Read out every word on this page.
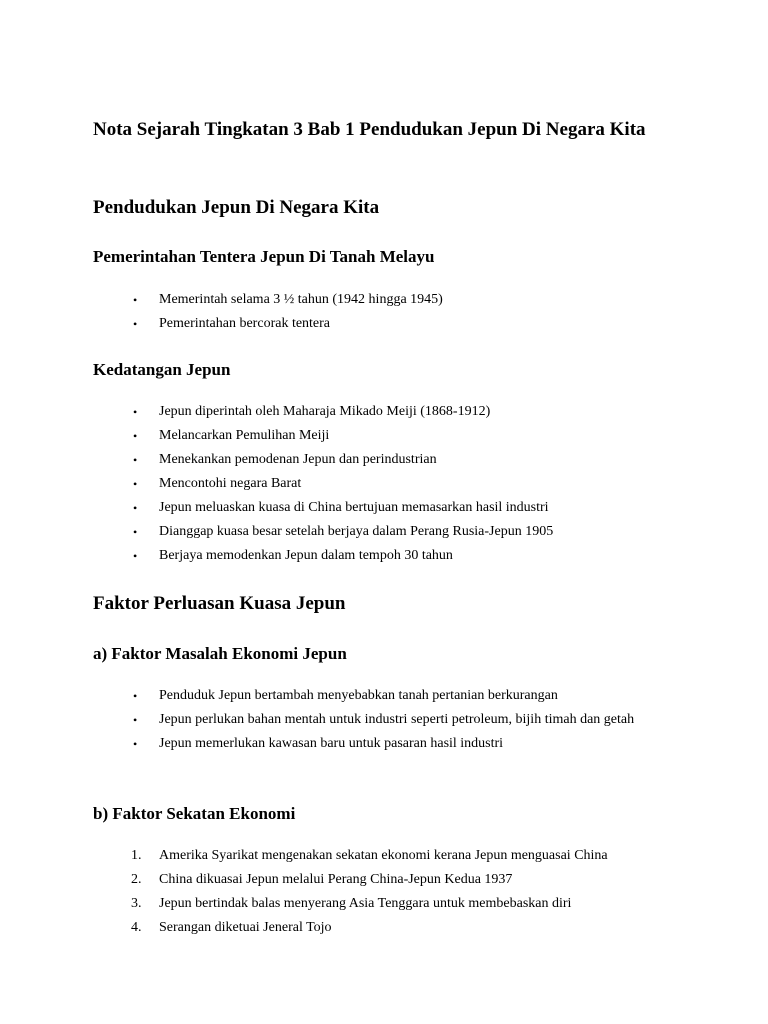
Nota Sejarah Tingkatan 3 Bab 1 Pendudukan Jepun Di Negara Kita
Pendudukan Jepun Di Negara Kita
Pemerintahan Tentera Jepun Di Tanah Melayu
• Memerintah selama 3 ½ tahun (1942 hingga 1945)
• Pemerintahan bercorak tentera
Kedatangan Jepun
• Jepun diperintah oleh Maharaja Mikado Meiji (1868-1912)
• Melancarkan Pemulihan Meiji
• Menekankan pemodenan Jepun dan perindustrian
• Mencontohi negara Barat
• Jepun meluaskan kuasa di China bertujuan memasarkan hasil industri
• Dianggap kuasa besar setelah berjaya dalam Perang Rusia-Jepun 1905
• Berjaya memodenkan Jepun dalam tempoh 30 tahun
Faktor Perluasan Kuasa Jepun
a) Faktor Masalah Ekonomi Jepun
• Penduduk Jepun bertambah menyebabkan tanah pertanian berkurangan
• Jepun perlukan bahan mentah untuk industri seperti petroleum, bijih timah dan getah
• Jepun memerlukan kawasan baru untuk pasaran hasil industri
b) Faktor Sekatan Ekonomi
1. Amerika Syarikat mengenakan sekatan ekonomi kerana Jepun menguasai China
2. China dikuasai Jepun melalui Perang China-Jepun Kedua 1937
3. Jepun bertindak balas menyerang Asia Tenggara untuk membebaskan diri
4. Serangan diketuai Jeneral Tojo
